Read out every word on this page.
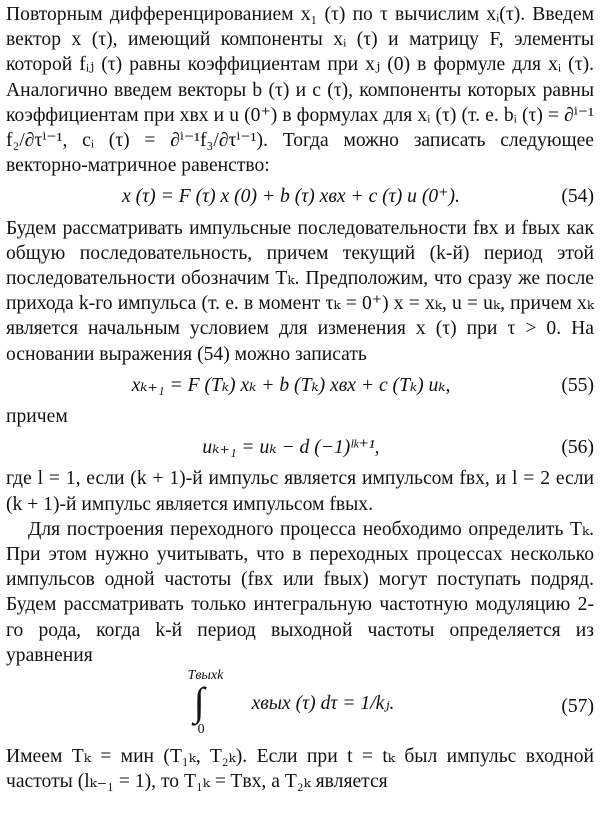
Повторным дифференцированием x₁ (τ) по τ вычислим xᵢ(τ). Введем вектор x (τ), имеющий компоненты xᵢ (τ) и матрицу F, элементы которой fᵢⱼ (τ) равны коэффициентам при xⱼ (0) в формуле для xᵢ (τ). Аналогично введем векторы b (τ) и c (τ), компоненты которых равны коэффициентам при xвх и u (0⁺) в формулах для xᵢ (τ) (т. е. bᵢ (τ) = ∂ⁱ⁻¹ f₂/∂τⁱ⁻¹, cᵢ (τ) = ∂ⁱ⁻¹f₃/∂τⁱ⁻¹). Тогда можно записать следующее векторно-матричное равенство:

x (τ) = F (τ) x (0) + b (τ) xвх + c (τ) u (0⁺).	(54)

Будем рассматривать импульсные последовательности fвх и fвых как общую последовательность, причем текущий (k-й) период этой последовательности обозначим Tₖ. Предположим, что сразу же после прихода k-го импульса (т. е. в момент τₖ = 0⁺) x = xₖ, u = uₖ, причем xₖ является начальным условием для изменения x (τ) при τ > 0. На основании выражения (54) можно записать

xₖ₊₁ = F (Tₖ) xₖ + b (Tₖ) xвх + c (Tₖ) uₖ,	(55)

причем

uₖ₊₁ = uₖ − d (−1)ˡᵏ⁺¹,	(56)

где l = 1, если (k + 1)-й импульс является импульсом fвх, и l = 2 если (k + 1)-й импульс является импульсом fвых.

Для построения переходного процесса необходимо определить Tₖ. При этом нужно учитывать, что в переходных процессах несколько импульсов одной частоты (fвх или fвых) могут поступать подряд. Будем рассматривать только интегральную частотную модуляцию 2-го рода, когда k-й период выходной частоты определяется из уравнения

Tвыхk
∫
0
xвых (τ) dτ = 1/kⱼ.	(57)

Имеем Tₖ = мин (T₁ₖ, T₂ₖ). Если при t = tₖ был импульс входной частоты (lₖ₋₁ = 1), то T₁ₖ = Tвх, а T₂ₖ является
